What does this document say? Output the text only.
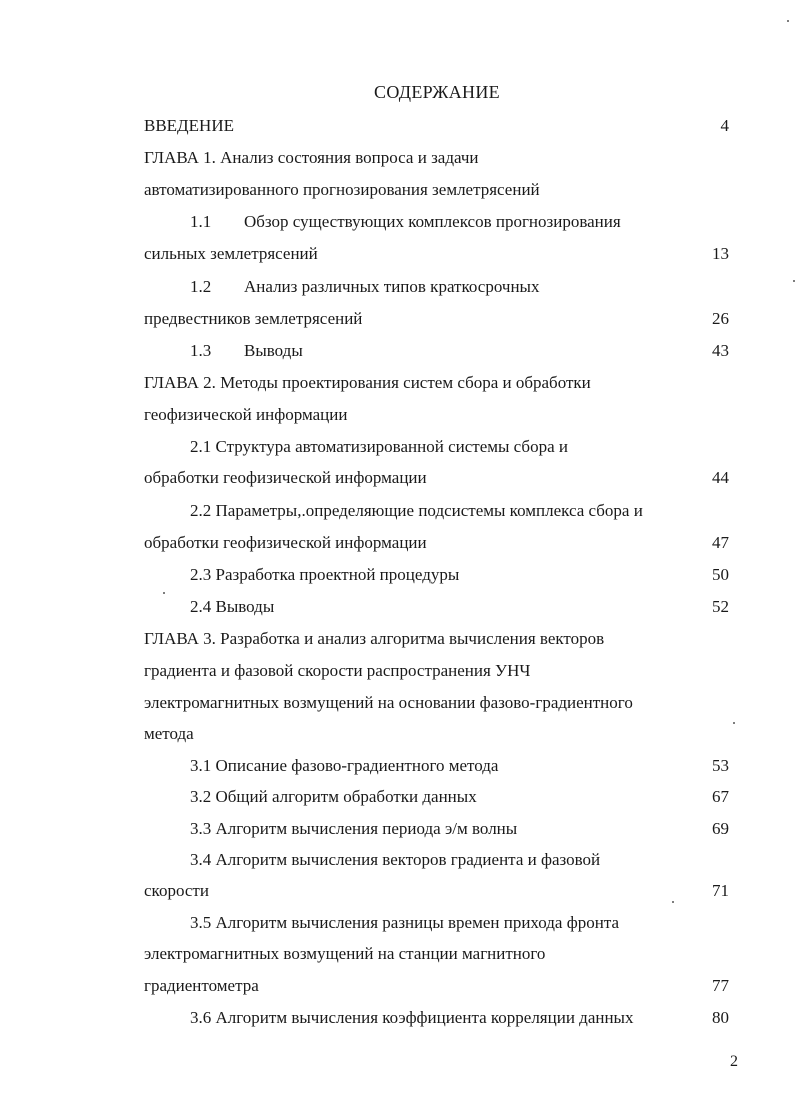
СОДЕРЖАНИЕ
ВВЕДЕНИЕ	4
ГЛАВА 1. Анализ состояния вопроса и задачи
автоматизированного прогнозирования землетрясений
1.1 Обзор существующих комплексов прогнозирования
сильных землетрясений	13
1.2 Анализ различных типов краткосрочных
предвестников землетрясений	26
1.3 Выводы	43
ГЛАВА 2. Методы проектирования систем сбора и обработки
геофизической информации
2.1 Структура автоматизированной системы сбора и
обработки геофизической информации	44
2.2 Параметры,.определяющие подсистемы комплекса сбора и
обработки геофизической информации	47
2.3 Разработка проектной процедуры	50
2.4 Выводы	52
ГЛАВА 3. Разработка и анализ алгоритма вычисления векторов
градиента и фазовой скорости распространения УНЧ
электромагнитных возмущений на основании фазово-градиентного
метода
3.1 Описание фазово-градиентного метода	53
3.2 Общий алгоритм обработки данных	67
3.3 Алгоритм вычисления периода э/м волны	69
3.4 Алгоритм вычисления векторов градиента и фазовой
скорости	71
3.5 Алгоритм вычисления разницы времен прихода фронта
электромагнитных возмущений на станции магнитного
градиентометра	77
3.6 Алгоритм вычисления коэффициента корреляции данных	80
2
